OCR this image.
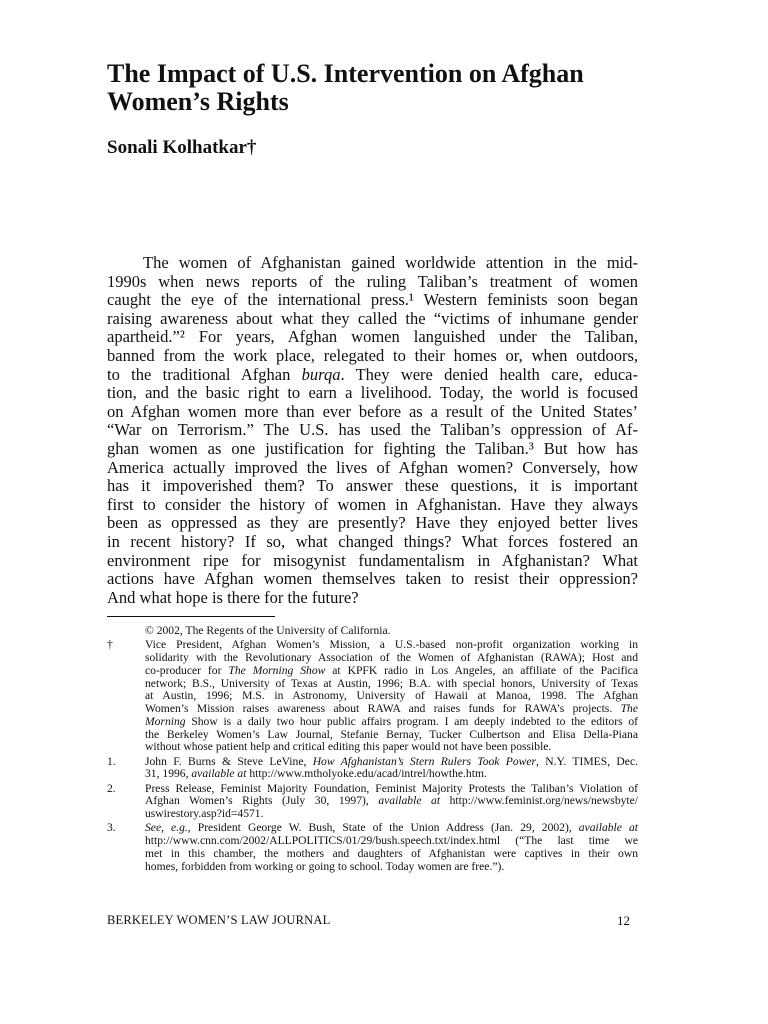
The Impact of U.S. Intervention on Afghan
Women’s Rights

Sonali Kolhatkar†

The women of Afghanistan gained worldwide attention in the mid-
1990s when news reports of the ruling Taliban’s treatment of women
caught the eye of the international press.¹ Western feminists soon began
raising awareness about what they called the “victims of inhumane gender
apartheid.”² For years, Afghan women languished under the Taliban,
banned from the work place, relegated to their homes or, when outdoors,
to the traditional Afghan burqa. They were denied health care, educa-
tion, and the basic right to earn a livelihood. Today, the world is focused
on Afghan women more than ever before as a result of the United States’
“War on Terrorism.” The U.S. has used the Taliban’s oppression of Af-
ghan women as one justification for fighting the Taliban.³ But how has
America actually improved the lives of Afghan women? Conversely, how
has it impoverished them? To answer these questions, it is important
first to consider the history of women in Afghanistan. Have they always
been as oppressed as they are presently? Have they enjoyed better lives
in recent history? If so, what changed things? What forces fostered an
environment ripe for misogynist fundamentalism in Afghanistan? What
actions have Afghan women themselves taken to resist their oppression?
And what hope is there for the future?
© 2002, The Regents of the University of California.
†	Vice President, Afghan Women’s Mission, a U.S.-based non-profit organization working in
solidarity with the Revolutionary Association of the Women of Afghanistan (RAWA); Host and
co-producer for The Morning Show at KPFK radio in Los Angeles, an affiliate of the Pacifica
network; B.S., University of Texas at Austin, 1996; B.A. with special honors, University of Texas
at Austin, 1996; M.S. in Astronomy, University of Hawaii at Manoa, 1998. The Afghan
Women’s Mission raises awareness about RAWA and raises funds for RAWA’s projects. The
Morning Show is a daily two hour public affairs program. I am deeply indebted to the editors of
the Berkeley Women’s Law Journal, Stefanie Bernay, Tucker Culbertson and Elisa Della-Piana
without whose patient help and critical editing this paper would not have been possible.
1.	John F. Burns & Steve LeVine, How Afghanistan’s Stern Rulers Took Power, N.Y. TIMES, Dec.
31, 1996, available at http://www.mtholyoke.edu/acad/intrel/howthe.htm.
2.	Press Release, Feminist Majority Foundation, Feminist Majority Protests the Taliban’s Violation of
Afghan Women’s Rights (July 30, 1997), available at http://www.feminist.org/news/newsbyte/
uswirestory.asp?id=4571.
3.	See, e.g., President George W. Bush, State of the Union Address (Jan. 29, 2002), available at
http://www.cnn.com/2002/ALLPOLITICS/01/29/bush.speech.txt/index.html (“The last time we
met in this chamber, the mothers and daughters of Afghanistan were captives in their own
homes, forbidden from working or going to school. Today women are free.”).
BERKELEY WOMEN’S LAW JOURNAL	12
